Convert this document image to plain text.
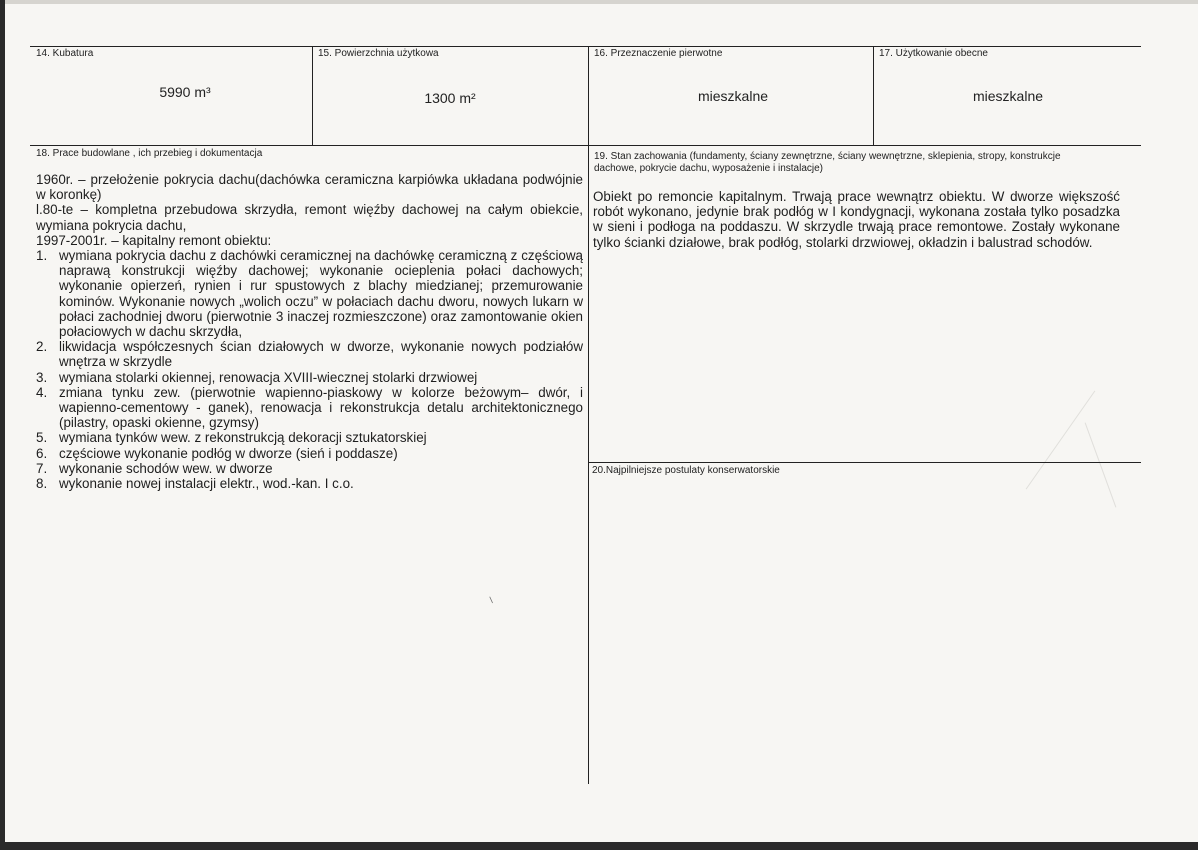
14. Kubatura
5990 m³
15. Powierzchnia użytkowa
1300 m²
16. Przeznaczenie pierwotne
mieszkalne
17. Użytkowanie obecne
mieszkalne
18. Prace budowlane , ich przebieg i dokumentacja

1960r. – przełożenie pokrycia dachu(dachówka ceramiczna karpiówka układana podwójnie w koronkę)

l.80-te – kompletna przebudowa skrzydła, remont więźby dachowej na całym obiekcie, wymiana pokrycia dachu,

1997-2001r. – kapitalny remont obiektu:

1. wymiana pokrycia dachu z dachówki ceramicznej na dachówkę ceramiczną z częściową naprawą konstrukcji więźby dachowej; wykonanie ocieplenia połaci dachowych; wykonanie opierzeń, rynien i rur spustowych z blachy miedzianej; przemurowanie kominów. Wykonanie nowych „wolich oczu” w połaciach dachu dworu, nowych lukarn w połaci zachodniej dworu (pierwotnie 3 inaczej rozmieszczone) oraz zamontowanie okien połaciowych w dachu skrzydła,
2. likwidacja współczesnych ścian działowych w dworze, wykonanie nowych podziałów wnętrza w skrzydle
3. wymiana stolarki okiennej, renowacja XVIII-wiecznej stolarki drzwiowej
4. zmiana tynku zew. (pierwotnie wapienno-piaskowy w kolorze beżowym– dwór, i wapienno-cementowy - ganek), renowacja i rekonstrukcja detalu architektonicznego (pilastry, opaski okienne, gzymsy)
5. wymiana tynków wew. z rekonstrukcją dekoracji sztukatorskiej
6. częściowe wykonanie podłóg w dworze (sień i poddasze)
7. wykonanie schodów wew. w dworze
8. wykonanie nowej instalacji elektr., wod.-kan. I c.o.
19. Stan zachowania (fundamenty, ściany zewnętrzne, ściany wewnętrzne, sklepienia, stropy, konstrukcje dachowe, pokrycie dachu, wyposażenie i instalacje)
Obiekt po remoncie kapitalnym. Trwają prace wewnątrz obiektu. W dworze większość robót wykonano, jedynie brak podłóg w I kondygnacji, wykonana została tylko posadzka w sieni i podłoga na poddaszu. W skrzydle trwają prace remontowe. Zostały wykonane tylko ścianki działowe, brak podłóg, stolarki drzwiowej, okładzin i balustrad schodów.
20.Najpilniejsze postulaty konserwatorskie
/
